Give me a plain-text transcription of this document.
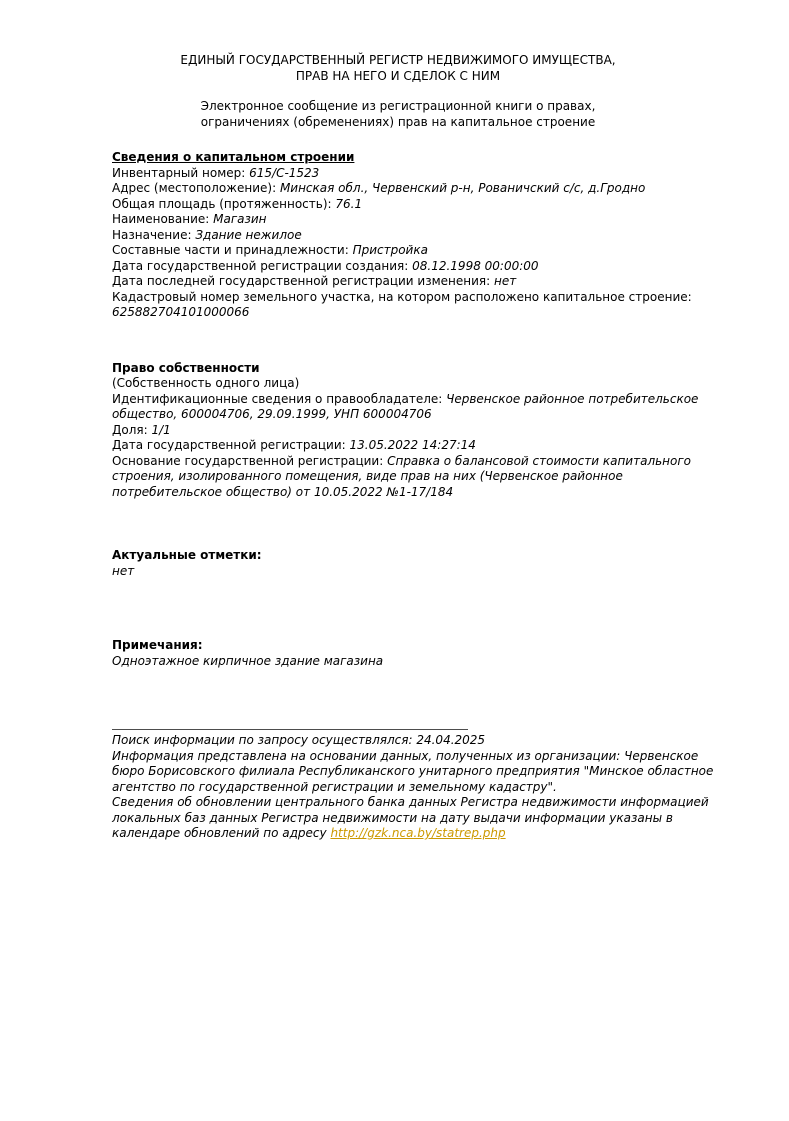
ЕДИНЫЙ ГОСУДАРСТВЕННЫЙ РЕГИСТР НЕДВИЖИМОГО ИМУЩЕСТВА,
ПРАВ НА НЕГО И СДЕЛОК С НИМ
Электронное сообщение из регистрационной книги о правах,
ограничениях (обременениях) прав на капитальное строение
Сведения о капитальном строении
Инвентарный номер: 615/С-1523
Адрес (местоположение): Минская обл., Червенский р-н, Рованичский с/с, д.Гродно
Общая площадь (протяженность): 76.1
Наименование: Магазин
Назначение: Здание нежилое
Составные части и принадлежности: Пристройка
Дата государственной регистрации создания: 08.12.1998 00:00:00
Дата последней государственной регистрации изменения: нет
Кадастровый номер земельного участка, на котором расположено капитальное строение: 625882704101000066
Право собственности
(Собственность одного лица)
Идентификационные сведения о правообладателе: Червенское районное потребительское общество, 600004706, 29.09.1999, УНП 600004706
Доля: 1/1
Дата государственной регистрации: 13.05.2022 14:27:14
Основание государственной регистрации: Справка о балансовой стоимости капитального строения, изолированного помещения, виде прав на них (Червенское районное потребительское общество) от 10.05.2022 №1-17/184
Актуальные отметки:
нет
Примечания:
Одноэтажное кирпичное здание магазина

Поиск информации по запросу осуществлялся: 24.04.2025

Информация представлена на основании данных, полученных из организации: Червенское бюро Борисовского филиала Республиканского унитарного предприятия "Минское областное агентство по государственной регистрации и земельному кадастру".

Сведения об обновлении центрального банка данных Регистра недвижимости информацией локальных баз данных Регистра недвижимости на дату выдачи информации указаны в календаре обновлений по адресу http://gzk.nca.by/statrep.php
